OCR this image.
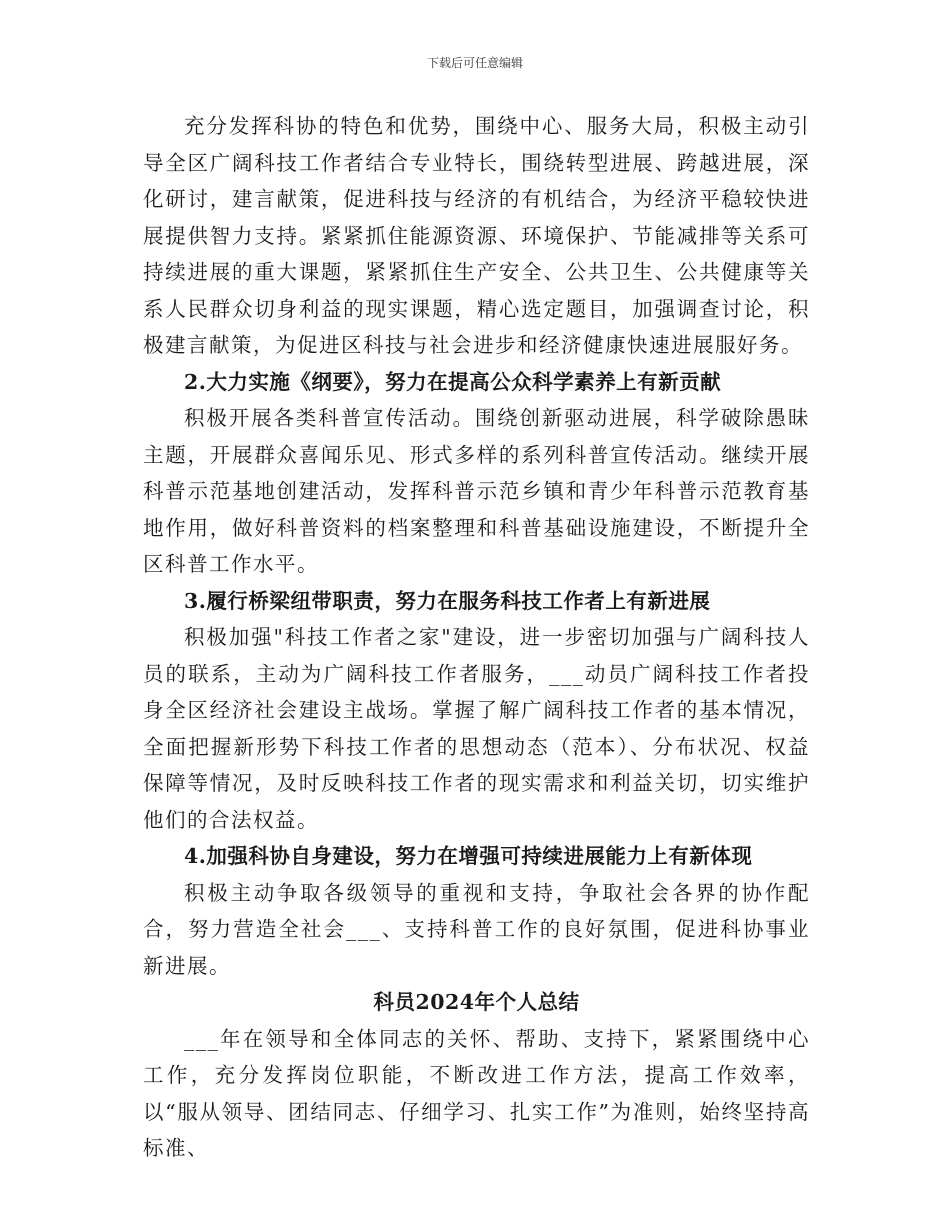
下载后可任意编辑

充分发挥科协的特色和优势，围绕中心、服务大局，积极主动引导全区广阔科技工作者结合专业特长，围绕转型进展、跨越进展，深化研讨，建言献策，促进科技与经济的有机结合，为经济平稳较快进展提供智力支持。紧紧抓住能源资源、环境保护、节能减排等关系可持续进展的重大课题，紧紧抓住生产安全、公共卫生、公共健康等关系人民群众切身利益的现实课题，精心选定题目，加强调查讨论，积极建言献策，为促进区科技与社会进步和经济健康快速进展服好务。

2.大力实施《纲要》，努力在提高公众科学素养上有新贡献

积极开展各类科普宣传活动。围绕创新驱动进展，科学破除愚昧主题，开展群众喜闻乐见、形式多样的系列科普宣传活动。继续开展科普示范基地创建活动，发挥科普示范乡镇和青少年科普示范教育基地作用，做好科普资料的档案整理和科普基础设施建设，不断提升全区科普工作水平。

3.履行桥梁纽带职责，努力在服务科技工作者上有新进展

积极加强"科技工作者之家"建设，进一步密切加强与广阔科技人员的联系，主动为广阔科技工作者服务，___动员广阔科技工作者投身全区经济社会建设主战场。掌握了解广阔科技工作者的基本情况，全面把握新形势下科技工作者的思想动态（范本）、分布状况、权益保障等情况，及时反映科技工作者的现实需求和利益关切，切实维护他们的合法权益。

4.加强科协自身建设，努力在增强可持续进展能力上有新体现

积极主动争取各级领导的重视和支持，争取社会各界的协作配合，努力营造全社会___、支持科普工作的良好氛围，促进科协事业新进展。

科员2024年个人总结

___年在领导和全体同志的关怀、帮助、支持下，紧紧围绕中心工作，充分发挥岗位职能，不断改进工作方法，提高工作效率，以“服从领导、团结同志、仔细学习、扎实工作”为准则，始终坚持高标准、
